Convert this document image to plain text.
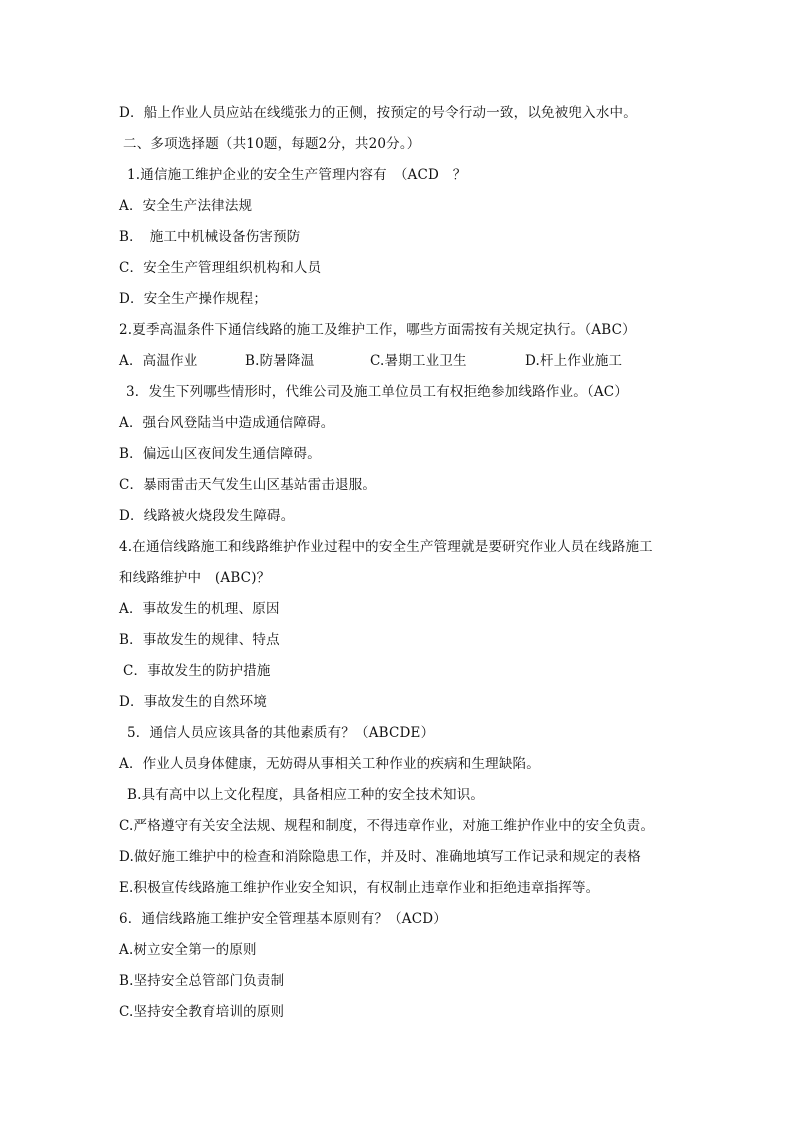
D．船上作业人员应站在线缆张力的正侧，按预定的号令行动一致，以免被兜入水中。
二、多项选择题（共10题，每题2分，共20分。）
1.通信施工维护企业的安全生产管理内容有　（ACD　？
A．安全生产法律法规
B．　施工中机械设备伤害预防
C．安全生产管理组织机构和人员
D．安全生产操作规程；
2.夏季高温条件下通信线路的施工及维护工作，哪些方面需按有关规定执行。（ABC）
A．高温作业	B.防暑降温	C.暑期工业卫生	D.杆上作业施工
3．发生下列哪些情形时，代维公司及施工单位员工有权拒绝参加线路作业。（AC）
A．强台风登陆当中造成通信障碍。
B．偏远山区夜间发生通信障碍。
C．暴雨雷击天气发生山区基站雷击退服。
D．线路被火烧段发生障碍。
4.在通信线路施工和线路维护作业过程中的安全生产管理就是要研究作业人员在线路施工
和线路维护中　(ABC)？
A．事故发生的机理、原因
B．事故发生的规律、特点
C．事故发生的防护措施
D．事故发生的自然环境
5．通信人员应该具备的其他素质有？（ABCDE）
A．作业人员身体健康，无妨碍从事相关工种作业的疾病和生理缺陷。
B.具有高中以上文化程度，具备相应工种的安全技术知识。
C.严格遵守有关安全法规、规程和制度，不得违章作业，对施工维护作业中的安全负责。
D.做好施工维护中的检查和消除隐患工作，并及时、准确地填写工作记录和规定的表格
E.积极宣传线路施工维护作业安全知识，有权制止违章作业和拒绝违章指挥等。
6．通信线路施工维护安全管理基本原则有？（ACD）
A.树立安全第一的原则
B.坚持安全总管部门负责制
C.坚持安全教育培训的原则
